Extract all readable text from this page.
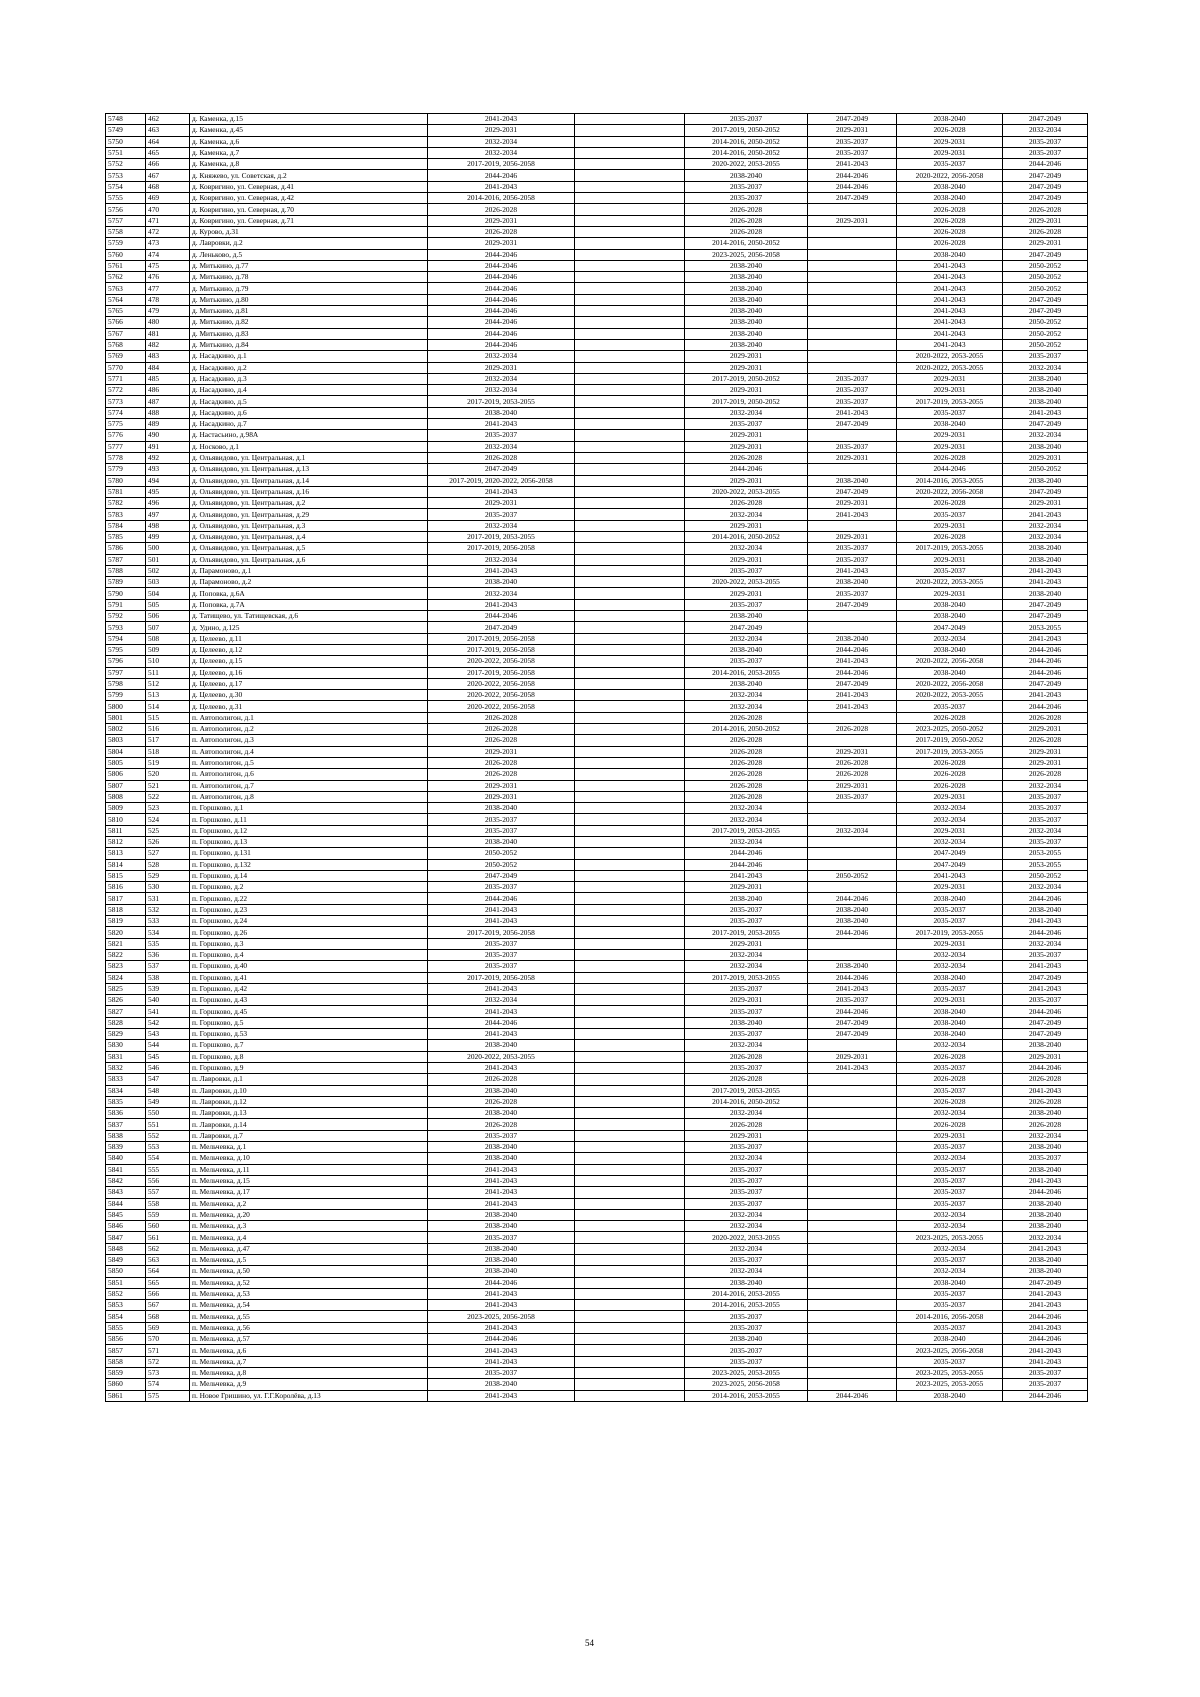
5748	462	д. Каменка, д.15	2041-2043		2035-2037	2047-2049	2038-2040	2047-2049
5749	463	д. Каменка, д.45	2029-2031		2017-2019, 2050-2052	2029-2031	2026-2028	2032-2034
5750	464	д. Каменка, д.6	2032-2034		2014-2016, 2050-2052	2035-2037	2029-2031	2035-2037
5751	465	д. Каменка, д.7	2032-2034		2014-2016, 2050-2052	2035-2037	2029-2031	2035-2037
5752	466	д. Каменка, д.8	2017-2019, 2056-2058		2020-2022, 2053-2055	2041-2043	2035-2037	2044-2046
5753	467	д. Княжево, ул. Советская, д.2	2044-2046		2038-2040	2044-2046	2020-2022, 2056-2058	2047-2049
5754	468	д. Ковригино, ул. Северная, д.41	2041-2043		2035-2037	2044-2046	2038-2040	2047-2049
5755	469	д. Ковригино, ул. Северная, д.42	2014-2016, 2056-2058		2035-2037	2047-2049	2038-2040	2047-2049
5756	470	д. Ковригино, ул. Северная, д.70	2026-2028		2026-2028		2026-2028	2026-2028
5757	471	д. Ковригино, ул. Северная, д.71	2029-2031		2026-2028	2029-2031	2026-2028	2029-2031
5758	472	д. Курово, д.31	2026-2028		2026-2028		2026-2028	2026-2028
5759	473	д. Лавровки, д.2	2029-2031		2014-2016, 2050-2052		2026-2028	2029-2031
5760	474	д. Леньково, д.5	2044-2046		2023-2025, 2056-2058		2038-2040	2047-2049
5761	475	д. Митькино, д.77	2044-2046		2038-2040		2041-2043	2050-2052
5762	476	д. Митькино, д.78	2044-2046		2038-2040		2041-2043	2050-2052
5763	477	д. Митькино, д.79	2044-2046		2038-2040		2041-2043	2050-2052
5764	478	д. Митькино, д.80	2044-2046		2038-2040		2041-2043	2047-2049
5765	479	д. Митькино, д.81	2044-2046		2038-2040		2041-2043	2047-2049
5766	480	д. Митькино, д.82	2044-2046		2038-2040		2041-2043	2050-2052
5767	481	д. Митькино, д.83	2044-2046		2038-2040		2041-2043	2050-2052
5768	482	д. Митькино, д.84	2044-2046		2038-2040		2041-2043	2050-2052
5769	483	д. Насадкино, д.1	2032-2034		2029-2031		2020-2022, 2053-2055	2035-2037
5770	484	д. Насадкино, д.2	2029-2031		2029-2031		2020-2022, 2053-2055	2032-2034
5771	485	д. Насадкино, д.3	2032-2034		2017-2019, 2050-2052	2035-2037	2029-2031	2038-2040
5772	486	д. Насадкино, д.4	2032-2034		2029-2031	2035-2037	2029-2031	2038-2040
5773	487	д. Насадкино, д.5	2017-2019, 2053-2055		2017-2019, 2050-2052	2035-2037	2017-2019, 2053-2055	2038-2040
5774	488	д. Насадкино, д.6	2038-2040		2032-2034	2041-2043	2035-2037	2041-2043
5775	489	д. Насадкино, д.7	2041-2043		2035-2037	2047-2049	2038-2040	2047-2049
5776	490	д. Настасьино, д.98А	2035-2037		2029-2031		2029-2031	2032-2034
5777	491	д. Носково, д.1	2032-2034		2029-2031	2035-2037	2029-2031	2038-2040
5778	492	д. Ольявидово, ул. Центральная, д.1	2026-2028		2026-2028	2029-2031	2026-2028	2029-2031
5779	493	д. Ольявидово, ул. Центральная, д.13	2047-2049		2044-2046		2044-2046	2050-2052
5780	494	д. Ольявидово, ул. Центральная, д.14	2017-2019, 2020-2022, 2056-2058		2029-2031	2038-2040	2014-2016, 2053-2055	2038-2040
5781	495	д. Ольявидово, ул. Центральная, д.16	2041-2043		2020-2022, 2053-2055	2047-2049	2020-2022, 2056-2058	2047-2049
5782	496	д. Ольявидово, ул. Центральная, д.2	2029-2031		2026-2028	2029-2031	2026-2028	2029-2031
5783	497	д. Ольявидово, ул. Центральная, д.29	2035-2037		2032-2034	2041-2043	2035-2037	2041-2043
5784	498	д. Ольявидово, ул. Центральная, д.3	2032-2034		2029-2031		2029-2031	2032-2034
5785	499	д. Ольявидово, ул. Центральная, д.4	2017-2019, 2053-2055		2014-2016, 2050-2052	2029-2031	2026-2028	2032-2034
5786	500	д. Ольявидово, ул. Центральная, д.5	2017-2019, 2056-2058		2032-2034	2035-2037	2017-2019, 2053-2055	2038-2040
5787	501	д. Ольявидово, ул. Центральная, д.6	2032-2034		2029-2031	2035-2037	2029-2031	2038-2040
5788	502	д. Парамоново, д.1	2041-2043		2035-2037	2041-2043	2035-2037	2041-2043
5789	503	д. Парамоново, д.2	2038-2040		2020-2022, 2053-2055	2038-2040	2020-2022, 2053-2055	2041-2043
5790	504	д. Поповка, д.6А	2032-2034		2029-2031	2035-2037	2029-2031	2038-2040
5791	505	д. Поповка, д.7А	2041-2043		2035-2037	2047-2049	2038-2040	2047-2049
5792	506	д. Татищево, ул. Татищевская, д.6	2044-2046		2038-2040		2038-2040	2047-2049
5793	507	д. Удино, д.125	2047-2049		2047-2049		2047-2049	2053-2055
5794	508	д. Целеево, д.11	2017-2019, 2056-2058		2032-2034	2038-2040	2032-2034	2041-2043
5795	509	д. Целеево, д.12	2017-2019, 2056-2058		2038-2040	2044-2046	2038-2040	2044-2046
5796	510	д. Целеево, д.15	2020-2022, 2056-2058		2035-2037	2041-2043	2020-2022, 2056-2058	2044-2046
5797	511	д. Целеево, д.16	2017-2019, 2056-2058		2014-2016, 2053-2055	2044-2046	2038-2040	2044-2046
5798	512	д. Целеево, д.17	2020-2022, 2056-2058		2038-2040	2047-2049	2020-2022, 2056-2058	2047-2049
5799	513	д. Целеево, д.30	2020-2022, 2056-2058		2032-2034	2041-2043	2020-2022, 2053-2055	2041-2043
5800	514	д. Целеево, д.31	2020-2022, 2056-2058		2032-2034	2041-2043	2035-2037	2044-2046
5801	515	п. Автополигон, д.1	2026-2028		2026-2028		2026-2028	2026-2028
5802	516	п. Автополигон, д.2	2026-2028		2014-2016, 2050-2052	2026-2028	2023-2025, 2050-2052	2029-2031
5803	517	п. Автополигон, д.3	2026-2028		2026-2028		2017-2019, 2050-2052	2026-2028
5804	518	п. Автополигон, д.4	2029-2031		2026-2028	2029-2031	2017-2019, 2053-2055	2029-2031
5805	519	п. Автополигон, д.5	2026-2028		2026-2028	2026-2028	2026-2028	2029-2031
5806	520	п. Автополигон, д.6	2026-2028		2026-2028	2026-2028	2026-2028	2026-2028
5807	521	п. Автополигон, д.7	2029-2031		2026-2028	2029-2031	2026-2028	2032-2034
5808	522	п. Автополигон, д.8	2029-2031		2026-2028	2035-2037	2029-2031	2035-2037
5809	523	п. Горшково, д.1	2038-2040		2032-2034		2032-2034	2035-2037
5810	524	п. Горшково, д.11	2035-2037		2032-2034		2032-2034	2035-2037
5811	525	п. Горшково, д.12	2035-2037		2017-2019, 2053-2055	2032-2034	2029-2031	2032-2034
5812	526	п. Горшково, д.13	2038-2040		2032-2034		2032-2034	2035-2037
5813	527	п. Горшково, д.131	2050-2052		2044-2046		2047-2049	2053-2055
5814	528	п. Горшково, д.132	2050-2052		2044-2046		2047-2049	2053-2055
5815	529	п. Горшково, д.14	2047-2049		2041-2043	2050-2052	2041-2043	2050-2052
5816	530	п. Горшково, д.2	2035-2037		2029-2031		2029-2031	2032-2034
5817	531	п. Горшково, д.22	2044-2046		2038-2040	2044-2046	2038-2040	2044-2046
5818	532	п. Горшково, д.23	2041-2043		2035-2037	2038-2040	2035-2037	2038-2040
5819	533	п. Горшково, д.24	2041-2043		2035-2037	2038-2040	2035-2037	2041-2043
5820	534	п. Горшково, д.26	2017-2019, 2056-2058		2017-2019, 2053-2055	2044-2046	2017-2019, 2053-2055	2044-2046
5821	535	п. Горшково, д.3	2035-2037		2029-2031		2029-2031	2032-2034
5822	536	п. Горшково, д.4	2035-2037		2032-2034		2032-2034	2035-2037
5823	537	п. Горшково, д.40	2035-2037		2032-2034	2038-2040	2032-2034	2041-2043
5824	538	п. Горшково, д.41	2017-2019, 2056-2058		2017-2019, 2053-2055	2044-2046	2038-2040	2047-2049
5825	539	п. Горшково, д.42	2041-2043		2035-2037	2041-2043	2035-2037	2041-2043
5826	540	п. Горшково, д.43	2032-2034		2029-2031	2035-2037	2029-2031	2035-2037
5827	541	п. Горшково, д.45	2041-2043		2035-2037	2044-2046	2038-2040	2044-2046
5828	542	п. Горшково, д.5	2044-2046		2038-2040	2047-2049	2038-2040	2047-2049
5829	543	п. Горшково, д.53	2041-2043		2035-2037	2047-2049	2038-2040	2047-2049
5830	544	п. Горшково, д.7	2038-2040		2032-2034		2032-2034	2038-2040
5831	545	п. Горшково, д.8	2020-2022, 2053-2055		2026-2028	2029-2031	2026-2028	2029-2031
5832	546	п. Горшково, д.9	2041-2043		2035-2037	2041-2043	2035-2037	2044-2046
5833	547	п. Лавровки, д.1	2026-2028		2026-2028		2026-2028	2026-2028
5834	548	п. Лавровки, д.10	2038-2040		2017-2019, 2053-2055		2035-2037	2041-2043
5835	549	п. Лавровки, д.12	2026-2028		2014-2016, 2050-2052		2026-2028	2026-2028
5836	550	п. Лавровки, д.13	2038-2040		2032-2034		2032-2034	2038-2040
5837	551	п. Лавровки, д.14	2026-2028		2026-2028		2026-2028	2026-2028
5838	552	п. Лавровки, д.7	2035-2037		2029-2031		2029-2031	2032-2034
5839	553	п. Мельчевка, д.1	2038-2040		2035-2037		2035-2037	2038-2040
5840	554	п. Мельчевка, д.10	2038-2040		2032-2034		2032-2034	2035-2037
5841	555	п. Мельчевка, д.11	2041-2043		2035-2037		2035-2037	2038-2040
5842	556	п. Мельчевка, д.15	2041-2043		2035-2037		2035-2037	2041-2043
5843	557	п. Мельчевка, д.17	2041-2043		2035-2037		2035-2037	2044-2046
5844	558	п. Мельчевка, д.2	2041-2043		2035-2037		2035-2037	2038-2040
5845	559	п. Мельчевка, д.20	2038-2040		2032-2034		2032-2034	2038-2040
5846	560	п. Мельчевка, д.3	2038-2040		2032-2034		2032-2034	2038-2040
5847	561	п. Мельчевка, д.4	2035-2037		2020-2022, 2053-2055		2023-2025, 2053-2055	2032-2034
5848	562	п. Мельчевка, д.47	2038-2040		2032-2034		2032-2034	2041-2043
5849	563	п. Мельчевка, д.5	2038-2040		2035-2037		2035-2037	2038-2040
5850	564	п. Мельчевка, д.50	2038-2040		2032-2034		2032-2034	2038-2040
5851	565	п. Мельчевка, д.52	2044-2046		2038-2040		2038-2040	2047-2049
5852	566	п. Мельчевка, д.53	2041-2043		2014-2016, 2053-2055		2035-2037	2041-2043
5853	567	п. Мельчевка, д.54	2041-2043		2014-2016, 2053-2055		2035-2037	2041-2043
5854	568	п. Мельчевка, д.55	2023-2025, 2056-2058		2035-2037		2014-2016, 2056-2058	2044-2046
5855	569	п. Мельчевка, д.56	2041-2043		2035-2037		2035-2037	2041-2043
5856	570	п. Мельчевка, д.57	2044-2046		2038-2040		2038-2040	2044-2046
5857	571	п. Мельчевка, д.6	2041-2043		2035-2037		2023-2025, 2056-2058	2041-2043
5858	572	п. Мельчевка, д.7	2041-2043		2035-2037		2035-2037	2041-2043
5859	573	п. Мельчевка, д.8	2035-2037		2023-2025, 2053-2055		2023-2025, 2053-2055	2035-2037
5860	574	п. Мельчевка, д.9	2038-2040		2023-2025, 2056-2058		2023-2025, 2053-2055	2035-2037
5861	575	п. Новое Гришино, ул. Г.Г.Королёва, д.13	2041-2043		2014-2016, 2053-2055	2044-2046	2038-2040	2044-2046
54
